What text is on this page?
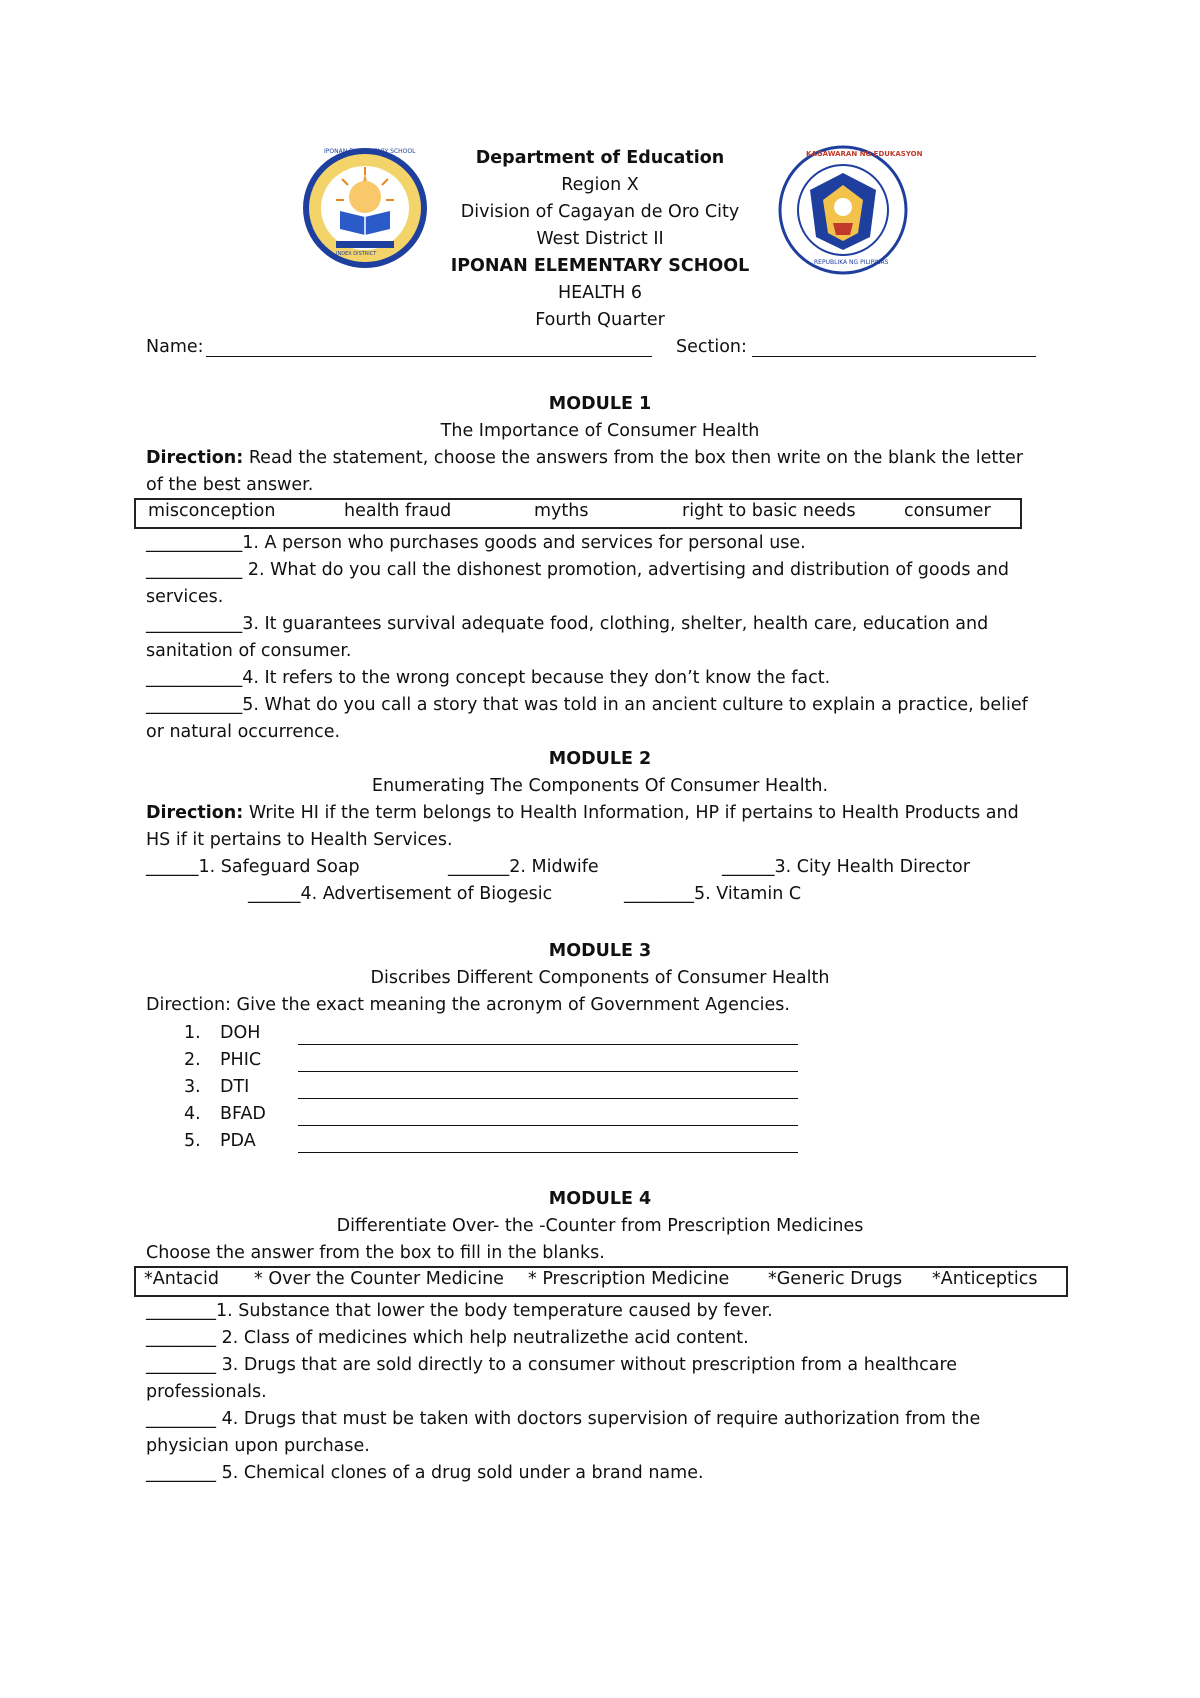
INDEX DISTRICT
IPONAN ELEMENTARY SCHOOL	KAGAWARAN NG EDUKASYON
REPUBLIKA NG PILIPINAS
Department of Education
Region X
Division of Cagayan de Oro City
West District II
IPONAN ELEMENTARY SCHOOL
HEALTH 6
Fourth Quarter
Name:	Section:
MODULE 1
The Importance of Consumer Health
Direction: Read the statement, choose the answers from the box then write on the blank the letter
of the best answer.
misconception	health fraud	myths	right to basic needs	consumer
___________1. A person who purchases goods and services for personal use.
___________ 2. What do you call the dishonest promotion, advertising and distribution of goods and
services.
___________3. It guarantees survival adequate food, clothing, shelter, health care, education and
sanitation of consumer.
___________4. It refers to the wrong concept because they don’t know the fact.
___________5. What do you call a story that was told in an ancient culture to explain a practice, belief
or natural occurrence.
MODULE 2
Enumerating The Components Of Consumer Health.
Direction: Write HI if the term belongs to Health Information, HP if pertains to Health Products and
HS if it pertains to Health Services.
______1. Safeguard Soap	_______2. Midwife	______3. City Health Director
______4. Advertisement of Biogesic	________5. Vitamin C
MODULE 3
Discribes Different Components of Consumer Health
Direction: Give the exact meaning the acronym of Government Agencies.
1. DOH
2. PHIC
3. DTI
4. BFAD
5. PDA
MODULE 4
Differentiate Over- the -Counter from Prescription Medicines
Choose the answer from the box to fill in the blanks.
*Antacid * Over the Counter Medicine * Prescription Medicine *Generic Drugs *Anticeptics
________1. Substance that lower the body temperature caused by fever.
________ 2. Class of medicines which help neutralizethe acid content.
________ 3. Drugs that are sold directly to a consumer without prescription from a healthcare
professionals.
________ 4. Drugs that must be taken with doctors supervision of require authorization from the
physician upon purchase.
________ 5. Chemical clones of a drug sold under a brand name.
